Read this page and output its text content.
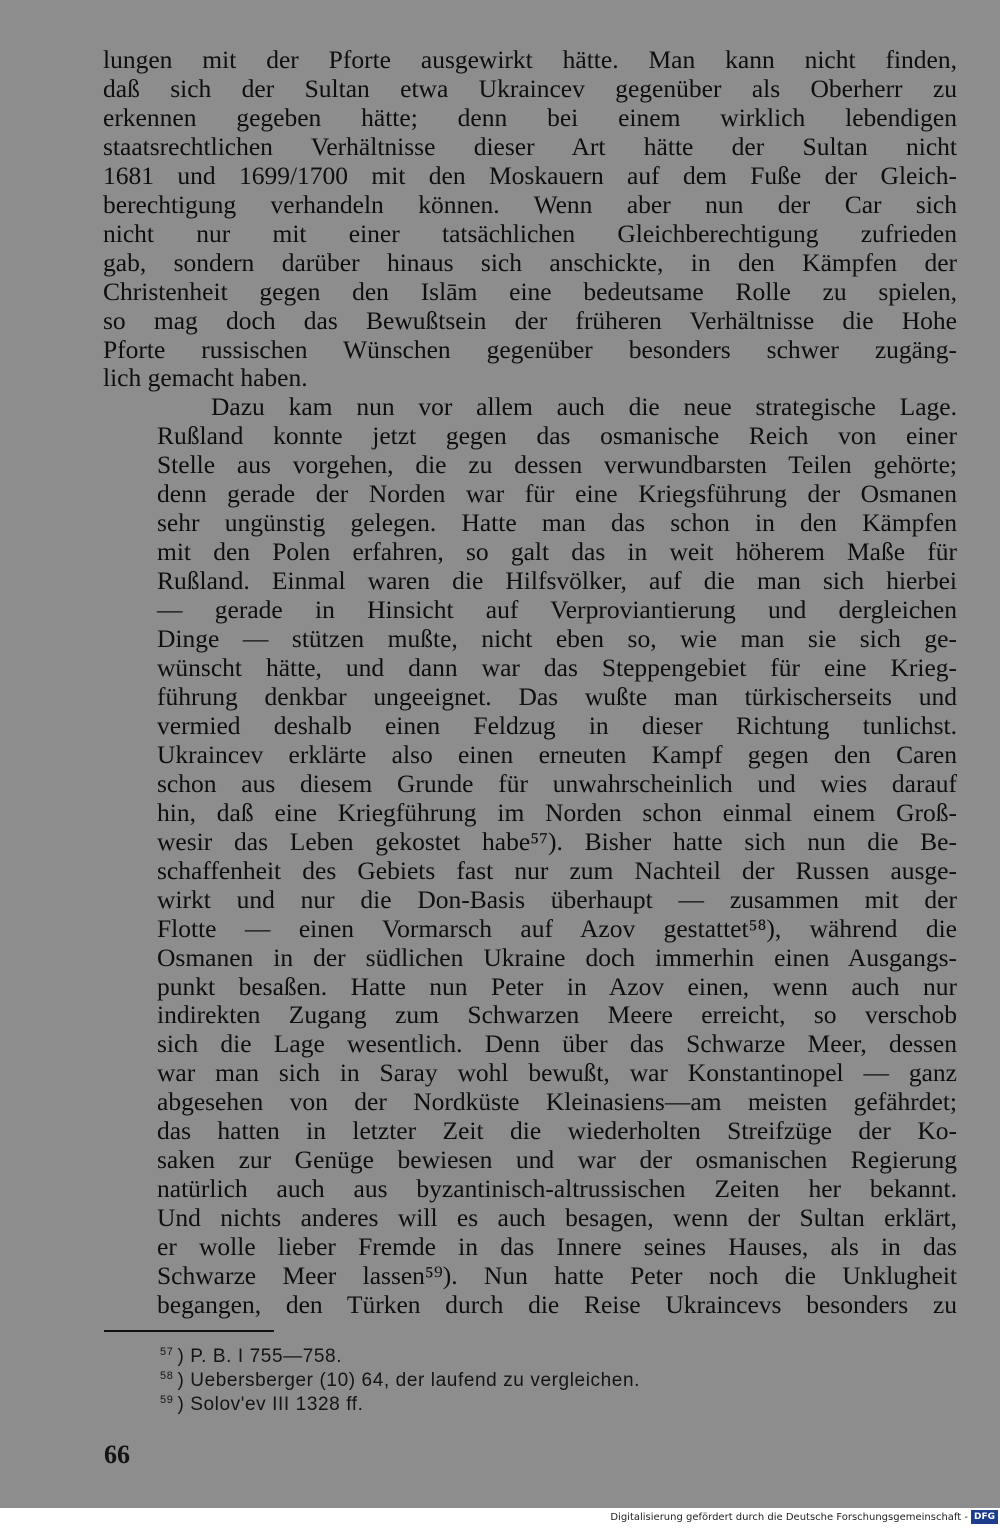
lungen mit der Pforte ausgewirkt hätte. Man kann nicht finden,
daß sich der Sultan etwa Ukraincev gegenüber als Oberherr zu
erkennen gegeben hätte; denn bei einem wirklich lebendigen
staatsrechtlichen Verhältnisse dieser Art hätte der Sultan nicht
1681 und 1699/1700 mit den Moskauern auf dem Fuße der Gleich-
berechtigung verhandeln können. Wenn aber nun der Car sich
nicht nur mit einer tatsächlichen Gleichberechtigung zufrieden
gab, sondern darüber hinaus sich anschickte, in den Kämpfen der
Christenheit gegen den Islām eine bedeutsame Rolle zu spielen,
so mag doch das Bewußtsein der früheren Verhältnisse die Hohe
Pforte russischen Wünschen gegenüber besonders schwer zugäng-
lich gemacht haben.

Dazu kam nun vor allem auch die neue strategische Lage.
Rußland konnte jetzt gegen das osmanische Reich von einer
Stelle aus vorgehen, die zu dessen verwundbarsten Teilen gehörte;
denn gerade der Norden war für eine Kriegsführung der Osmanen
sehr ungünstig gelegen. Hatte man das schon in den Kämpfen
mit den Polen erfahren, so galt das in weit höherem Maße für
Rußland. Einmal waren die Hilfsvölker, auf die man sich hierbei
— gerade in Hinsicht auf Verproviantierung und dergleichen
Dinge — stützen mußte, nicht eben so, wie man sie sich ge-
wünscht hätte, und dann war das Steppengebiet für eine Krieg-
führung denkbar ungeeignet. Das wußte man türkischerseits und
vermied deshalb einen Feldzug in dieser Richtung tunlichst.
Ukraincev erklärte also einen erneuten Kampf gegen den Caren
schon aus diesem Grunde für unwahrscheinlich und wies darauf
hin, daß eine Kriegführung im Norden schon einmal einem Groß-
wesir das Leben gekostet habe⁵⁷). Bisher hatte sich nun die Be-
schaffenheit des Gebiets fast nur zum Nachteil der Russen ausge-
wirkt und nur die Don-Basis überhaupt — zusammen mit der
Flotte — einen Vormarsch auf Azov gestattet⁵⁸), während die
Osmanen in der südlichen Ukraine doch immerhin einen Ausgangs-
punkt besaßen. Hatte nun Peter in Azov einen, wenn auch nur
indirekten Zugang zum Schwarzen Meere erreicht, so verschob
sich die Lage wesentlich. Denn über das Schwarze Meer, dessen
war man sich in Saray wohl bewußt, war Konstantinopel — ganz
abgesehen von der Nordküste Kleinasiens—am meisten gefährdet;
das hatten in letzter Zeit die wiederholten Streifzüge der Ko-
saken zur Genüge bewiesen und war der osmanischen Regierung
natürlich auch aus byzantinisch-altrussischen Zeiten her bekannt.
Und nichts anderes will es auch besagen, wenn der Sultan erklärt,
er wolle lieber Fremde in das Innere seines Hauses, als in das
Schwarze Meer lassen⁵⁹). Nun hatte Peter noch die Unklugheit
begangen, den Türken durch die Reise Ukraincevs besonders zu

$^{57}$ ) P. B. I 755—758.
$^{58}$ ) Uebersberger (10) 64, der laufend zu vergleichen.
$^{59}$ ) Solov'ev III 1328 ff.
66
Digitalisierung gefördert durch die Deutsche Forschungsgemeinschaft - DFG
